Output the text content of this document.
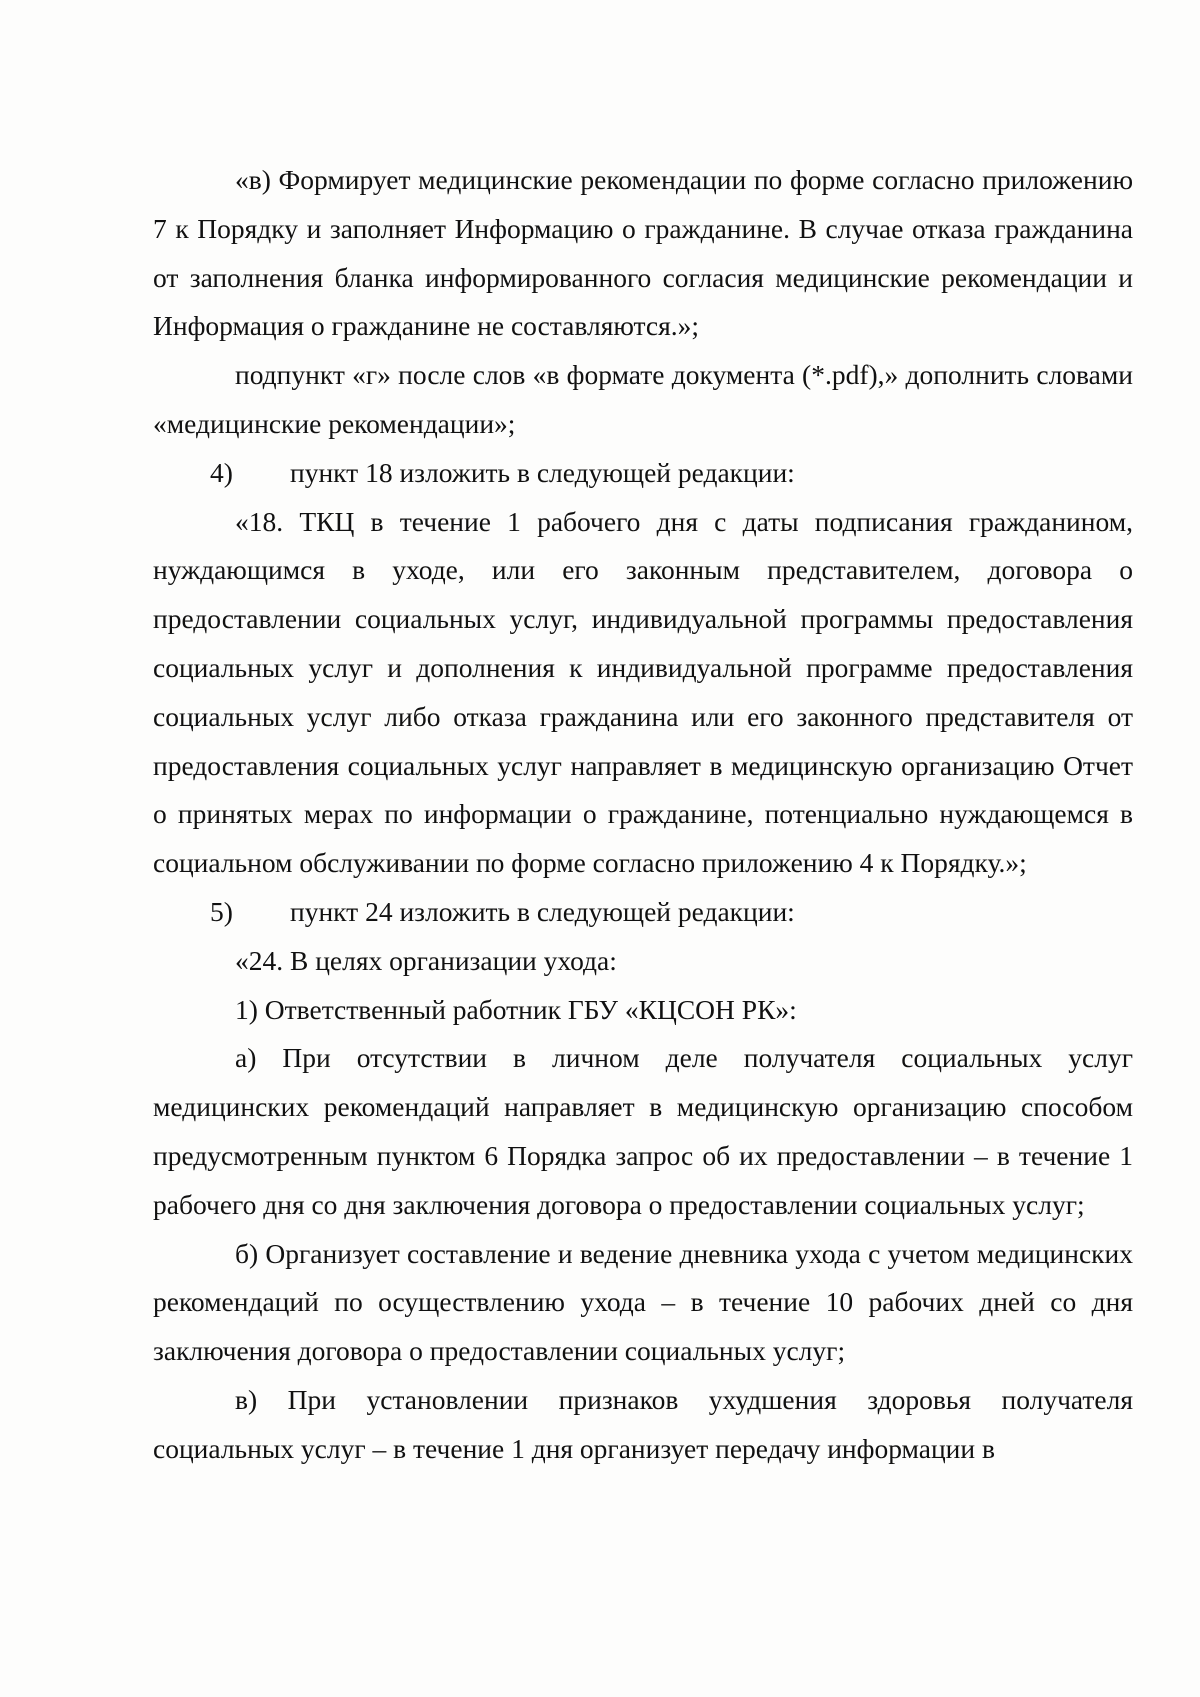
«в) Формирует медицинские рекомендации по форме согласно приложению 7 к Порядку и заполняет Информацию о гражданине. В случае отказа гражданина от заполнения бланка информированного согласия медицинские рекомендации и Информация о гражданине не составляются.»;

подпункт «г» после слов «в формате документа (*.pdf),» дополнить словами «медицинские рекомендации»;

4) пункт 18 изложить в следующей редакции:

«18. ТКЦ в течение 1 рабочего дня с даты подписания гражданином, нуждающимся в уходе, или его законным представителем, договора о предоставлении социальных услуг, индивидуальной программы предоставления социальных услуг и дополнения к индивидуальной программе предоставления социальных услуг либо отказа гражданина или его законного представителя от предоставления социальных услуг направляет в медицинскую организацию Отчет о принятых мерах по информации о гражданине, потенциально нуждающемся в социальном обслуживании по форме согласно приложению 4 к Порядку.»;

5) пункт 24 изложить в следующей редакции:

«24. В целях организации ухода:

1) Ответственный работник ГБУ «КЦСОН РК»:

а) При отсутствии в личном деле получателя социальных услуг медицинских рекомендаций направляет в медицинскую организацию способом предусмотренным пунктом 6 Порядка запрос об их предоставлении – в течение 1 рабочего дня со дня заключения договора о предоставлении социальных услуг;

б) Организует составление и ведение дневника ухода с учетом медицинских рекомендаций по осуществлению ухода – в течение 10 рабочих дней со дня заключения договора о предоставлении социальных услуг;

в) При установлении признаков ухудшения здоровья получателя социальных услуг – в течение 1 дня организует передачу информации в
